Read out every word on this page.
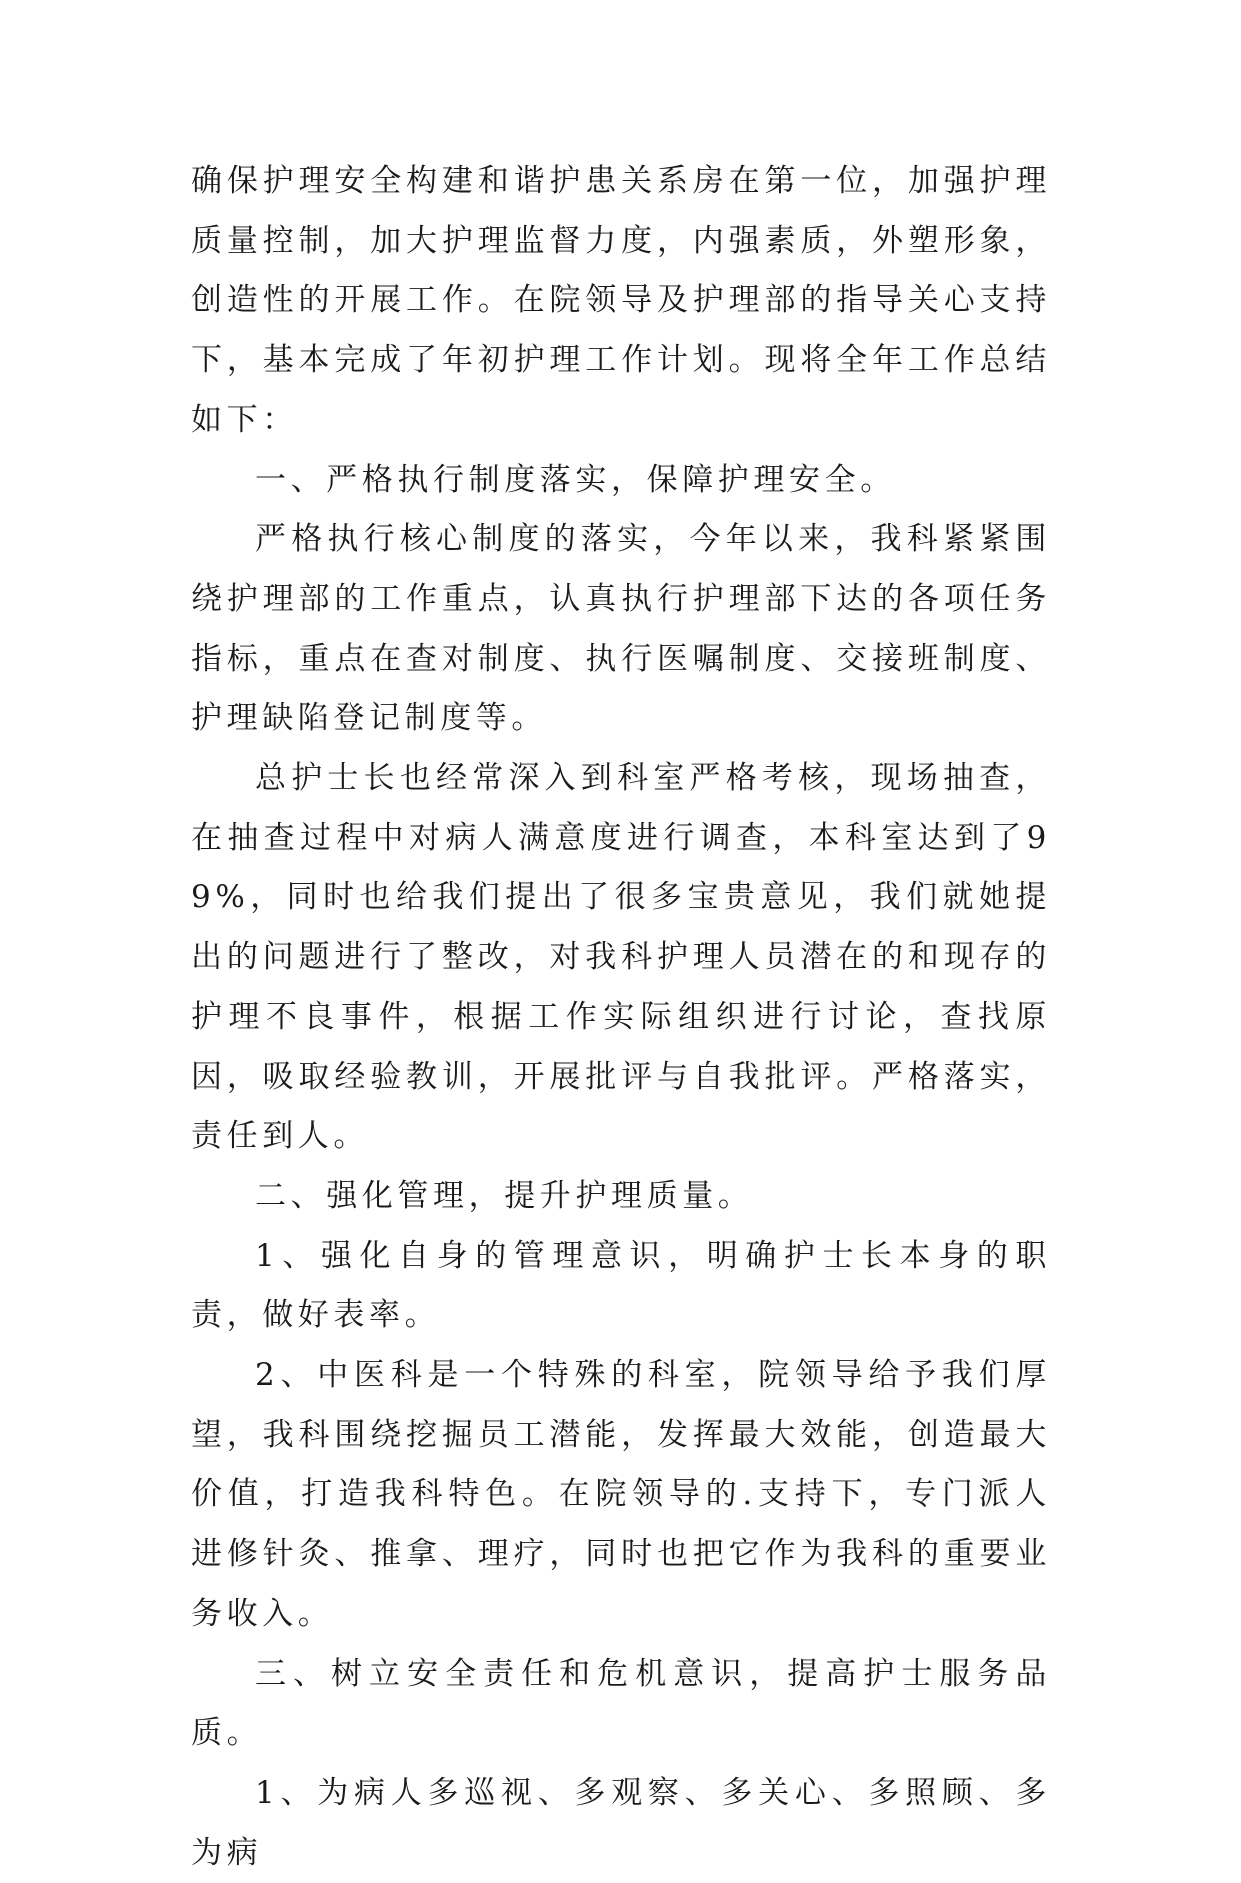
确保护理安全构建和谐护患关系房在第一位，加强护理质量控制，加大护理监督力度，内强素质，外塑形象，创造性的开展工作。在院领导及护理部的指导关心支持下，基本完成了年初护理工作计划。现将全年工作总结如下：

一、严格执行制度落实，保障护理安全。

严格执行核心制度的落实，今年以来，我科紧紧围绕护理部的工作重点，认真执行护理部下达的各项任务指标，重点在查对制度、执行医嘱制度、交接班制度、护理缺陷登记制度等。

总护士长也经常深入到科室严格考核，现场抽查，在抽查过程中对病人满意度进行调查，本科室达到了99%，同时也给我们提出了很多宝贵意见，我们就她提出的问题进行了整改，对我科护理人员潜在的和现存的护理不良事件，根据工作实际组织进行讨论，查找原因，吸取经验教训，开展批评与自我批评。严格落实，责任到人。

二、强化管理，提升护理质量。

1、强化自身的管理意识，明确护士长本身的职责，做好表率。

2、中医科是一个特殊的科室，院领导给予我们厚望，我科围绕挖掘员工潜能，发挥最大效能，创造最大价值，打造我科特色。在院领导的.支持下，专门派人进修针灸、推拿、理疗，同时也把它作为我科的重要业务收入。

三、树立安全责任和危机意识，提高护士服务品质。

1、为病人多巡视、多观察、多关心、多照顾、多为病
